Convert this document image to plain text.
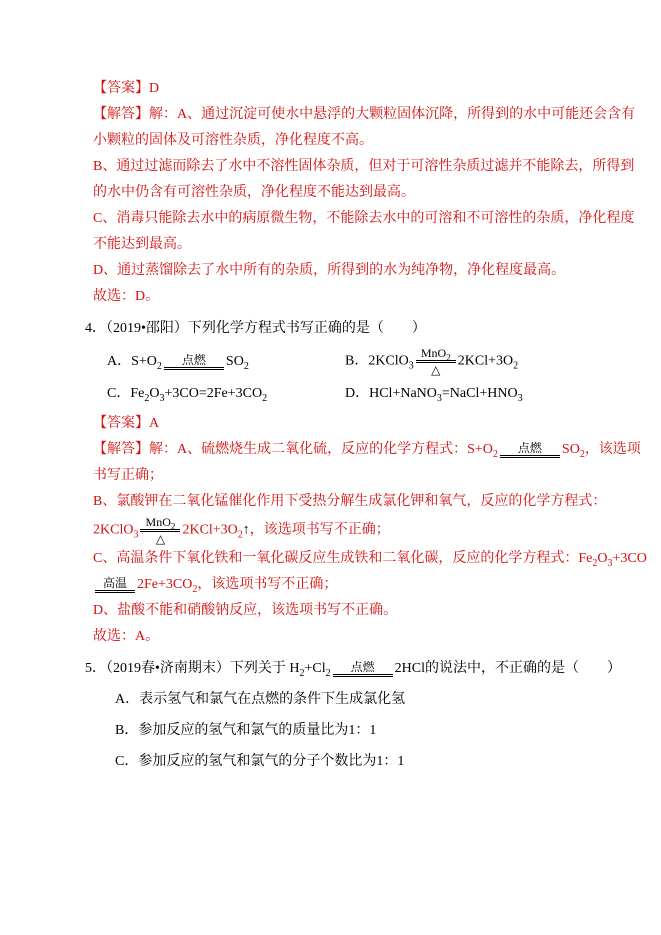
【答案】D
【解答】解：A、通过沉淀可使水中悬浮的大颗粒固体沉降，所得到的水中可能还会含有
小颗粒的固体及可溶性杂质，净化程度不高。
B、通过过滤而除去了水中不溶性固体杂质，但对于可溶性杂质过滤并不能除去，所得到
的水中仍含有可溶性杂质，净化程度不能达到最高。
C、消毒只能除去水中的病原微生物，不能除去水中的可溶和不可溶性的杂质，净化程度
不能达到最高。
D、通过蒸馏除去了水中所有的杂质，所得到的水为纯净物，净化程度最高。
故选：D。
4．（2019•邵阳）下列化学方程式书写正确的是（　　）
A．$S+O_2$ 点燃 $SO_2$	B．2KClO$_3$
MnO$_2$
△
$2KCl+3O_2$
C．$Fe_2O_3+3CO=2Fe+3CO_2$	D．$HCl+NaNO_3=NaCl+HNO_3$
【答案】A
【解答】解：A、硫燃烧生成二氧化硫，反应的化学方程式：$S+O_2$ 点燃 $SO_2$，该选项
书写正确；
B、氯酸钾在二氧化锰催化作用下受热分解生成氯化钾和氧气，反应的化学方程式：
2KClO$_3$
MnO$_2$
△
$2KCl+3O_2↑$，该选项书写不正确；
C、高温条件下氧化铁和一氧化碳反应生成铁和二氧化碳，反应的化学方程式：$Fe_2O_3+3CO$
高温 $2Fe+3CO_2$，该选项书写不正确；
D、盐酸不能和硝酸钠反应，该选项书写不正确。
故选：A。
5．（2019春•济南期末）下列关于 $H_2+Cl_2$ 点燃 2HCl的说法中，不正确的是（　　）
A．表示氢气和氯气在点燃的条件下生成氯化氢
B．参加反应的氢气和氯气的质量比为1：1
C．参加反应的氢气和氯气的分子个数比为1：1
